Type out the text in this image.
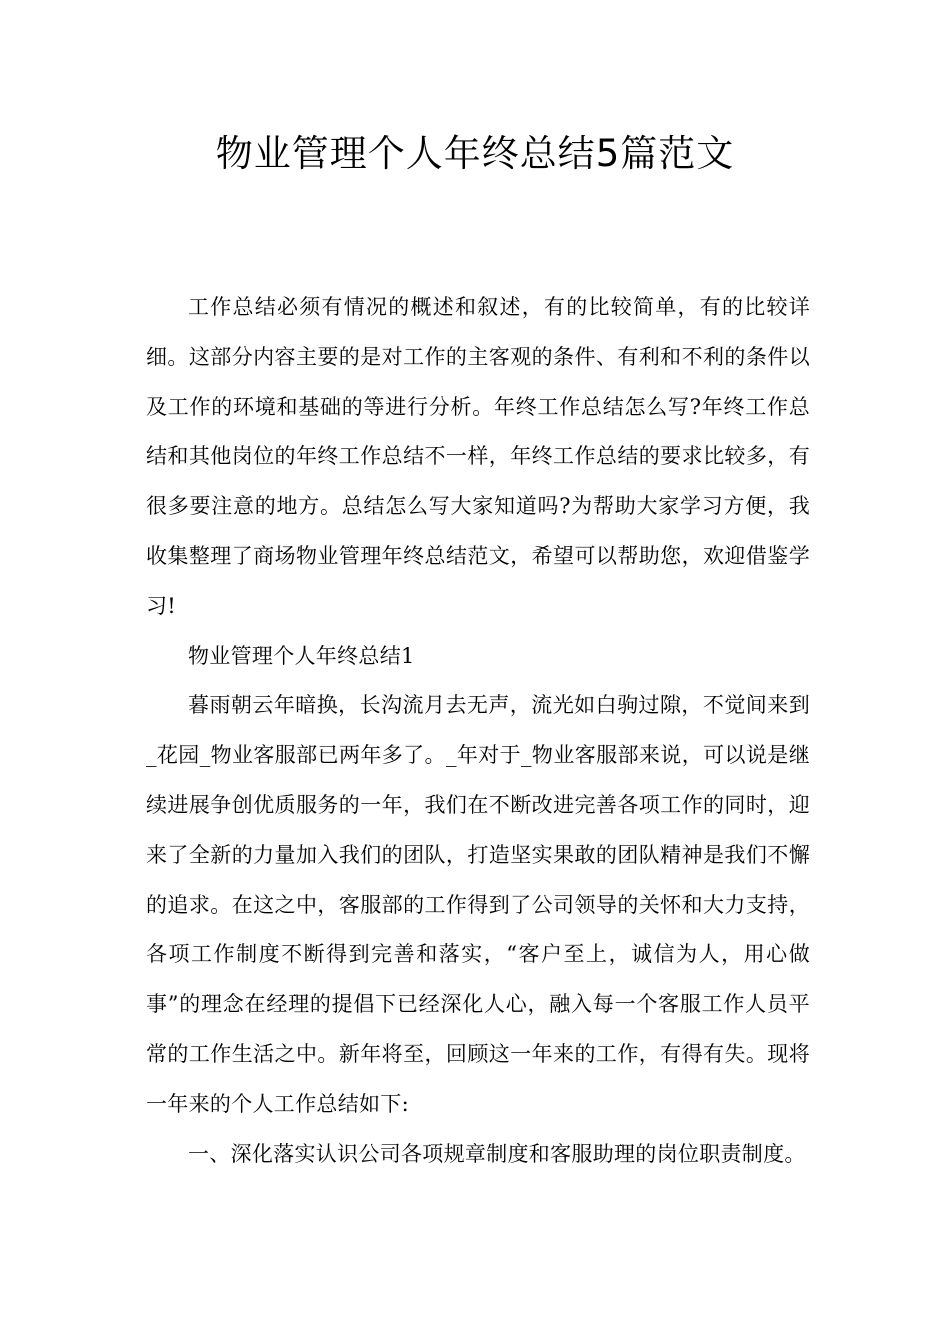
物业管理个人年终总结5篇范文

工作总结必须有情况的概述和叙述，有的比较简单，有的比较详细。这部分内容主要的是对工作的主客观的条件、有利和不利的条件以及工作的环境和基础的等进行分析。年终工作总结怎么写?年终工作总结和其他岗位的年终工作总结不一样，年终工作总结的要求比较多，有很多要注意的地方。总结怎么写大家知道吗?为帮助大家学习方便，我收集整理了商场物业管理年终总结范文，希望可以帮助您，欢迎借鉴学习!

物业管理个人年终总结1

暮雨朝云年暗换，长沟流月去无声，流光如白驹过隙，不觉间来到_花园_物业客服部已两年多了。_年对于_物业客服部来说，可以说是继续进展争创优质服务的一年，我们在不断改进完善各项工作的同时，迎来了全新的力量加入我们的团队，打造坚实果敢的团队精神是我们不懈的追求。在这之中，客服部的工作得到了公司领导的关怀和大力支持，各项工作制度不断得到完善和落实，“客户至上，诚信为人，用心做事”的理念在经理的提倡下已经深化人心，融入每一个客服工作人员平常的工作生活之中。新年将至，回顾这一年来的工作，有得有失。现将一年来的个人工作总结如下:

一、深化落实认识公司各项规章制度和客服助理的岗位职责制度。
